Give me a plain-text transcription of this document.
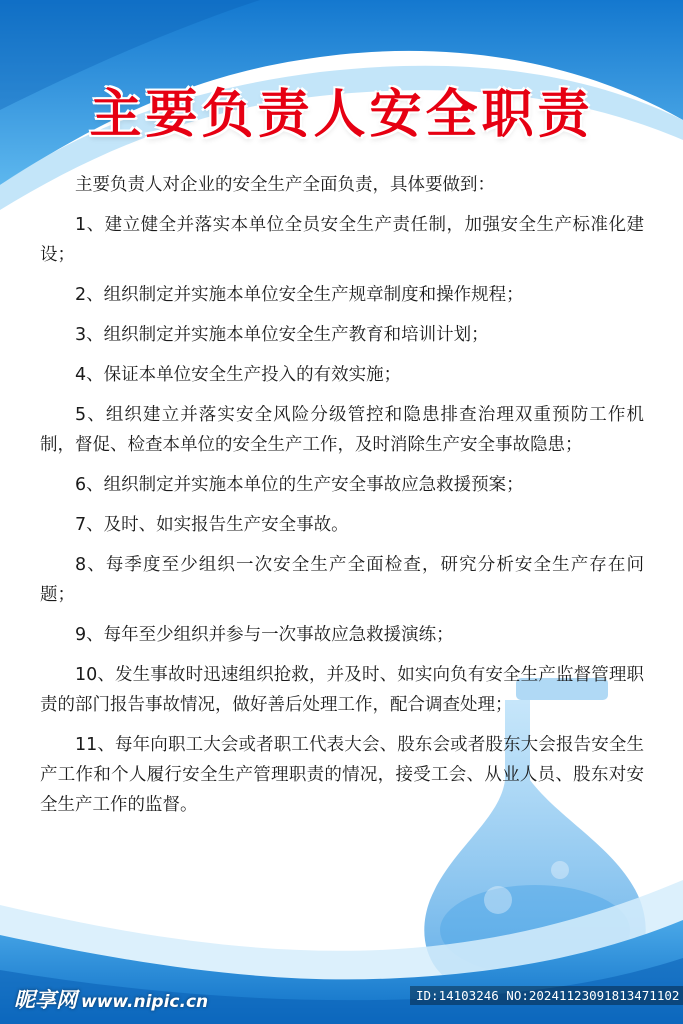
主要负责人安全职责

主要负责人对企业的安全生产全面负责，具体要做到：

1、建立健全并落实本单位全员安全生产责任制，加强安全生产标准化建设；

2、组织制定并实施本单位安全生产规章制度和操作规程；

3、组织制定并实施本单位安全生产教育和培训计划；

4、保证本单位安全生产投入的有效实施；

5、组织建立并落实安全风险分级管控和隐患排查治理双重预防工作机制，督促、检查本单位的安全生产工作，及时消除生产安全事故隐患；

6、组织制定并实施本单位的生产安全事故应急救援预案；

7、及时、如实报告生产安全事故。

8、每季度至少组织一次安全生产全面检查，研究分析安全生产存在问题；

9、每年至少组织并参与一次事故应急救援演练；

10、发生事故时迅速组织抢救，并及时、如实向负有安全生产监督管理职责的部门报告事故情况，做好善后处理工作，配合调查处理；

11、每年向职工大会或者职工代表大会、股东会或者股东大会报告安全生产工作和个人履行安全生产管理职责的情况，接受工会、从业人员、股东对安全生产工作的监督。

昵享网 www.nipic.cn	ID:14103246 NO:20241123091813471102
